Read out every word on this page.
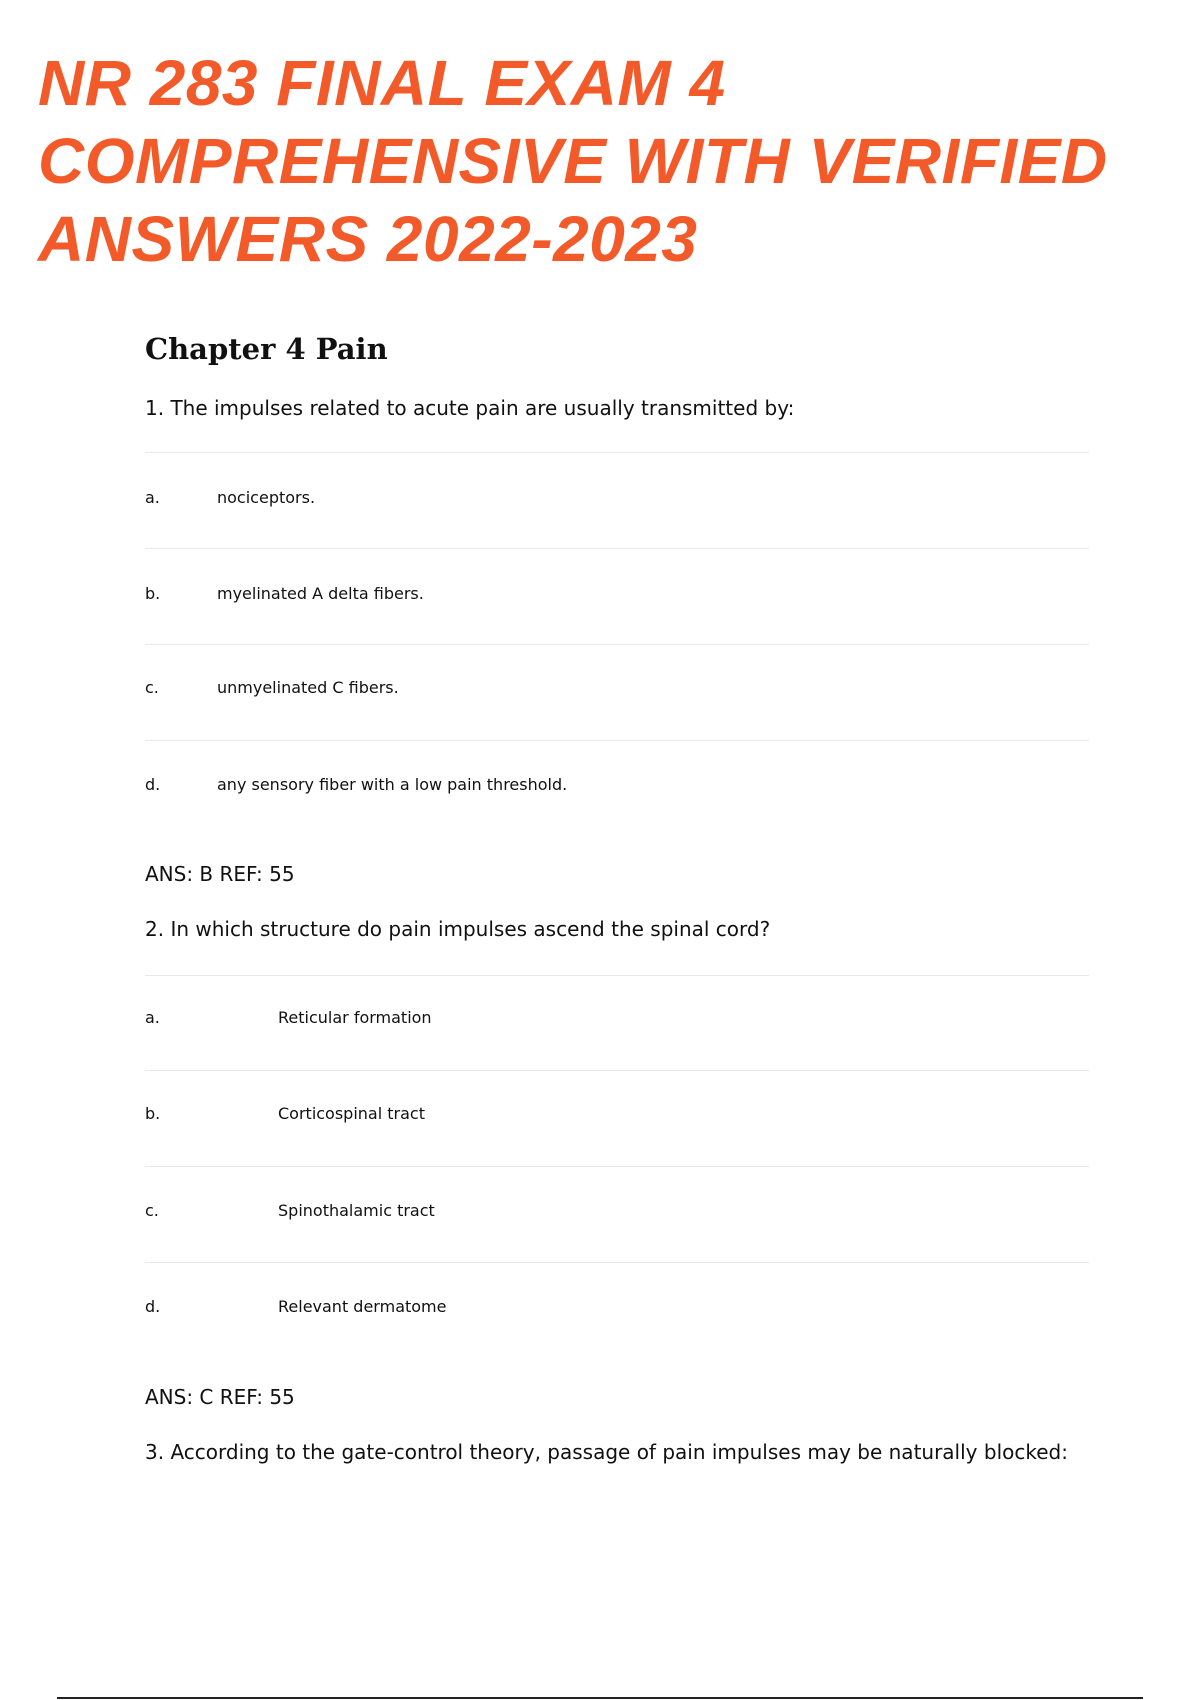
NR 283 FINAL EXAM 4
COMPREHENSIVE WITH VERIFIED
ANSWERS 2022-2023
Chapter 4 Pain

1. The impulses related to acute pain are usually transmitted by:

a.	nociceptors.
b.	myelinated A delta fibers.
c.	unmyelinated C fibers.
d.	any sensory fiber with a low pain threshold.

ANS: B REF: 55

2. In which structure do pain impulses ascend the spinal cord?

a.	Reticular formation
b.	Corticospinal tract
c.	Spinothalamic tract
d.	Relevant dermatome

ANS: C REF: 55

3. According to the gate-control theory, passage of pain impulses may be naturally blocked:
